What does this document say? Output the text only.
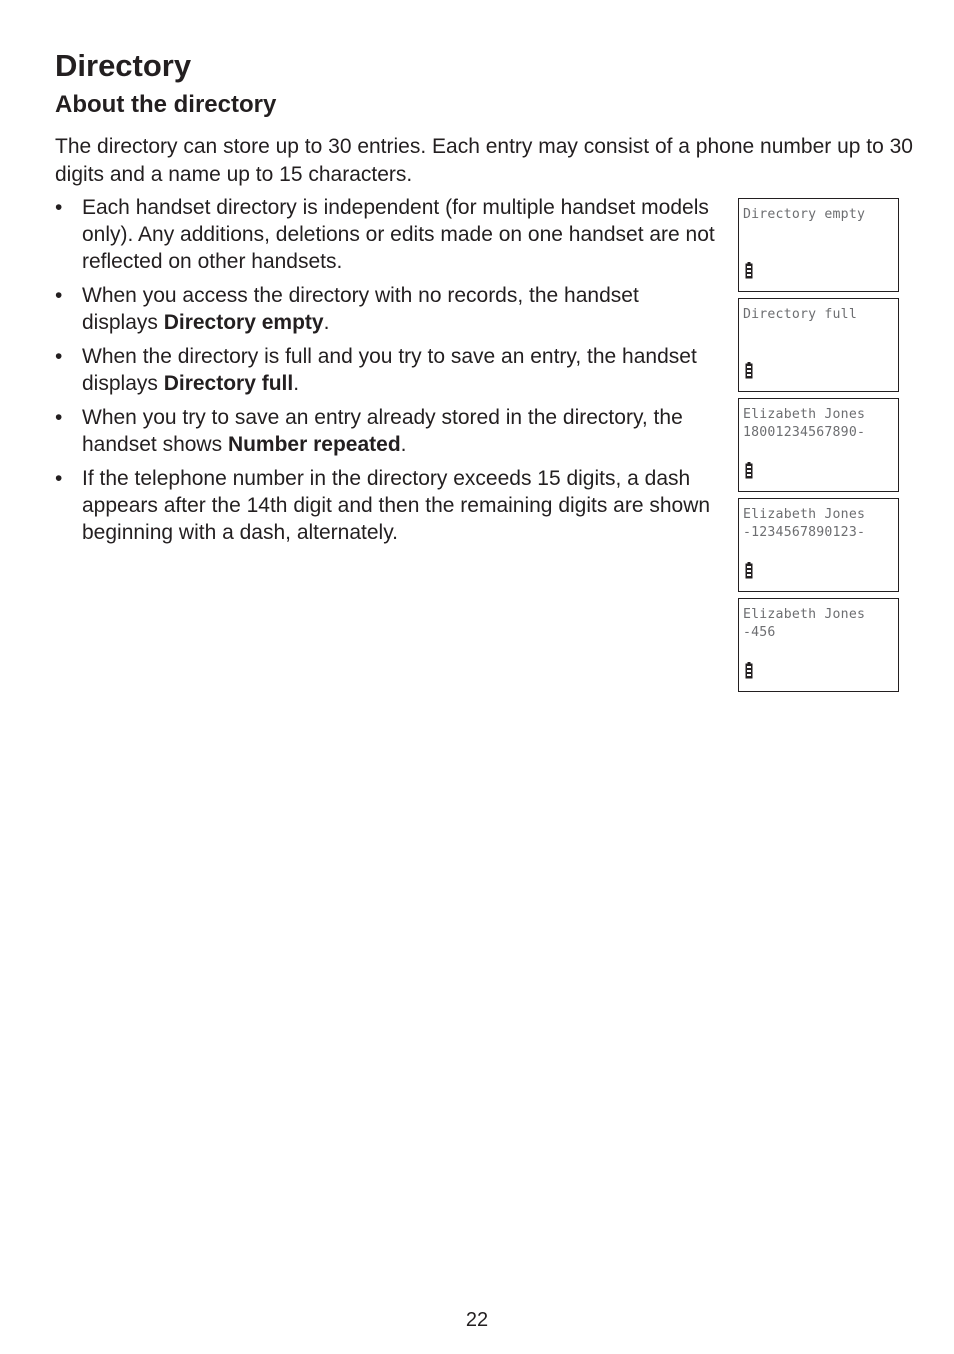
Directory
About the directory

The directory can store up to 30 entries. Each entry may consist of a phone number up to 30 digits and a name up to 15 characters.

• Each handset directory is independent (for multiple handset models only). Any additions, deletions or edits made on one handset are not reflected on other handsets.
• When you access the directory with no records, the handset displays Directory empty.
• When the directory is full and you try to save an entry, the handset displays Directory full.
• When you try to save an entry already stored in the directory, the handset shows Number repeated.
• If the telephone number in the directory exceeds 15 digits, a dash appears after the 14th digit and then the remaining digits are shown beginning with a dash, alternately.
Directory empty
Directory full
Elizabeth Jones
18001234567890-
Elizabeth Jones
-1234567890123-
Elizabeth Jones
-456
22
